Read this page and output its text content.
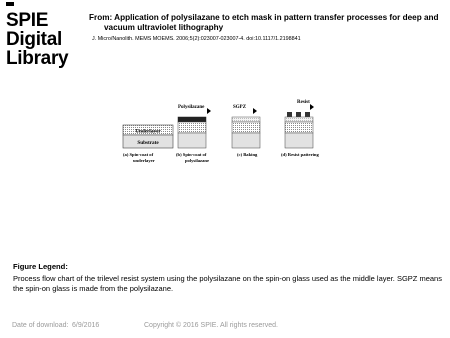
SPIE
Digital
Library
From: Application of polysilazane to etch mask in pattern transfer processes for deep and
vacuum ultraviolet lithography
J. Micro/Nanolith. MEMS MOEMS. 2006;5(2):023007-023007-4. doi:10.1117/1.2198841
Underlayer
Substrate
Polysilazane	SGPZ
Resist
(a) Spin-coat of underlayer
(b) Spin-coat of polysilazane
(c) Baking	(d) Resist pattering
Figure Legend:
Process flow chart of the trilevel resist system using the polysilazane on the spin-on glass used as the middle layer. SGPZ means the spin-on glass is made from the polysilazane.
Date of download: 6/9/2016	Copyright © 2016 SPIE. All rights reserved.
